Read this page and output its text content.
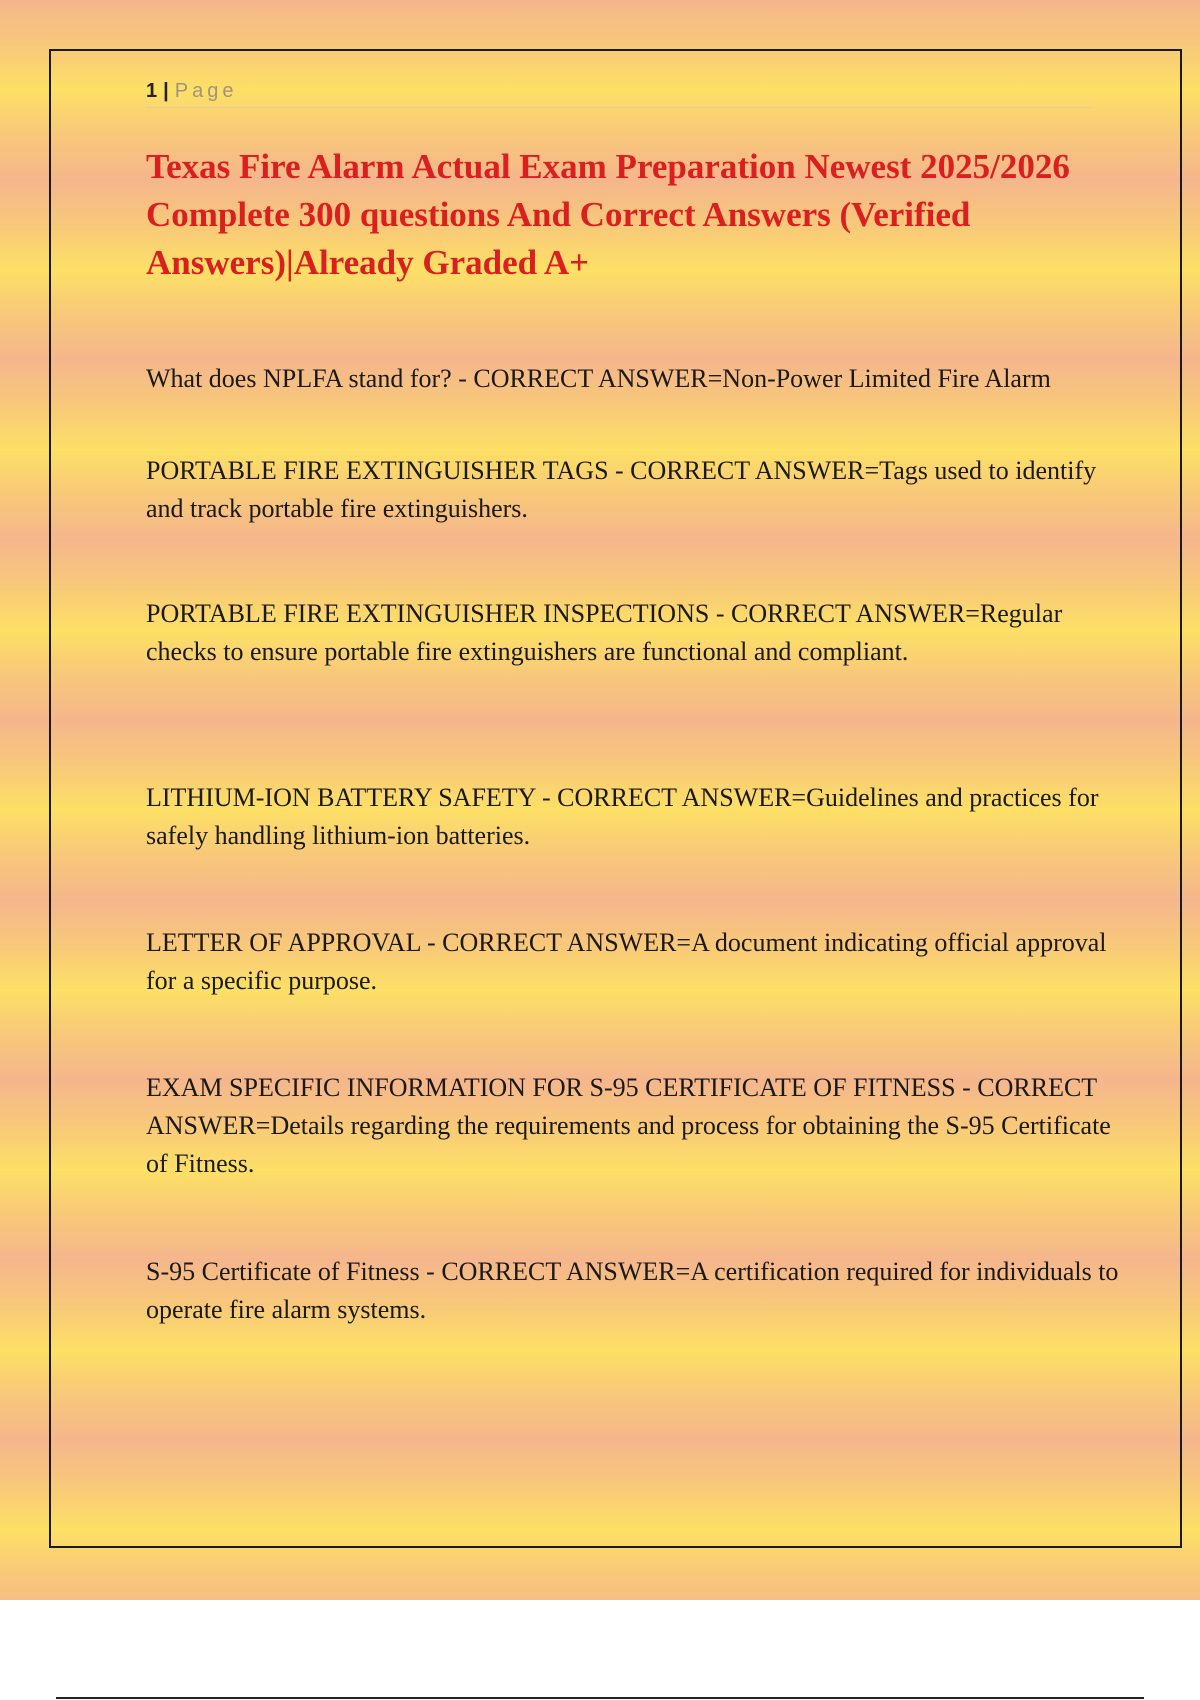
1 | Page
Texas Fire Alarm Actual Exam Preparation Newest 2025/2026 Complete 300 questions And Correct Answers (Verified Answers)|Already Graded A+

What does NPLFA stand for? - CORRECT ANSWER=Non-Power Limited Fire Alarm

PORTABLE FIRE EXTINGUISHER TAGS - CORRECT ANSWER=Tags used to identify and track portable fire extinguishers.

PORTABLE FIRE EXTINGUISHER INSPECTIONS - CORRECT ANSWER=Regular checks to ensure portable fire extinguishers are functional and compliant.

LITHIUM-ION BATTERY SAFETY - CORRECT ANSWER=Guidelines and practices for safely handling lithium-ion batteries.

LETTER OF APPROVAL - CORRECT ANSWER=A document indicating official approval for a specific purpose.

EXAM SPECIFIC INFORMATION FOR S-95 CERTIFICATE OF FITNESS - CORRECT ANSWER=Details regarding the requirements and process for obtaining the S-95 Certificate of Fitness.

S-95 Certificate of Fitness - CORRECT ANSWER=A certification required for individuals to operate fire alarm systems.
